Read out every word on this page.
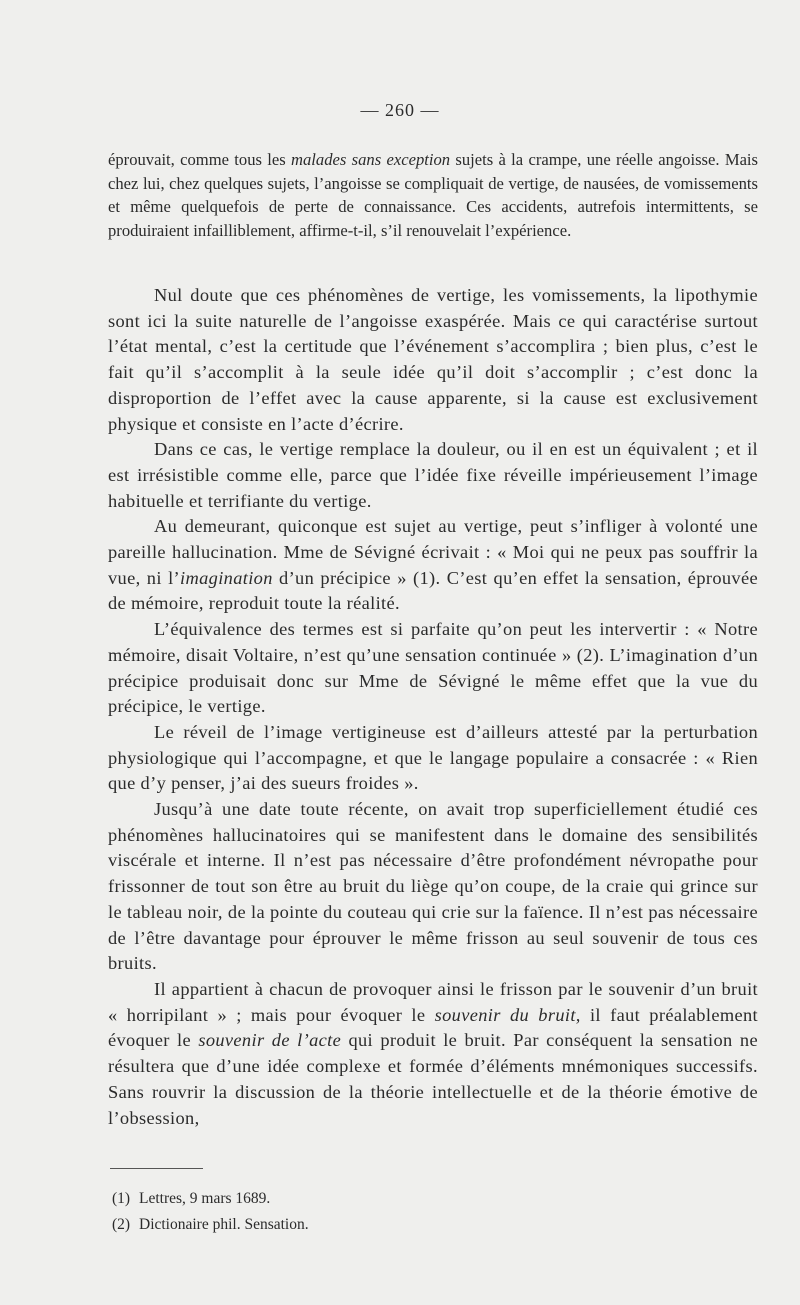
— 260 —
éprouvait, comme tous les malades sans exception sujets à la crampe, une réelle angoisse. Mais chez lui, chez quelques sujets, l’angoisse se compliquait de vertige, de nausées, de vomissements et même quelquefois de perte de connaissance. Ces accidents, autrefois intermittents, se produiraient infailliblement, affirme-t-il, s’il renouvelait l’expérience.

Nul doute que ces phénomènes de vertige, les vomissements, la lipothymie sont ici la suite naturelle de l’angoisse exaspérée. Mais ce qui caractérise surtout l’état mental, c’est la certitude que l’événement s’accomplira ; bien plus, c’est le fait qu’il s’accomplit à la seule idée qu’il doit s’accomplir ; c’est donc la disproportion de l’effet avec la cause apparente, si la cause est exclusivement physique et consiste en l’acte d’écrire.

Dans ce cas, le vertige remplace la douleur, ou il en est un équivalent ; et il est irrésistible comme elle, parce que l’idée fixe réveille impérieusement l’image habituelle et terrifiante du vertige.

Au demeurant, quiconque est sujet au vertige, peut s’infliger à volonté une pareille hallucination. Mme de Sévigné écrivait : « Moi qui ne peux pas souffrir la vue, ni l’imagination d’un précipice » (1). C’est qu’en effet la sensation, éprouvée de mémoire, reproduit toute la réalité.

L’équivalence des termes est si parfaite qu’on peut les intervertir : « Notre mémoire, disait Voltaire, n’est qu’une sensation continuée » (2). L’imagination d’un précipice produisait donc sur Mme de Sévigné le même effet que la vue du précipice, le vertige.

Le réveil de l’image vertigineuse est d’ailleurs attesté par la perturbation physiologique qui l’accompagne, et que le langage populaire a consacrée : « Rien que d’y penser, j’ai des sueurs froides ».

Jusqu’à une date toute récente, on avait trop superficiellement étudié ces phénomènes hallucinatoires qui se manifestent dans le domaine des sensibilités viscérale et interne. Il n’est pas nécessaire d’être profondément névropathe pour frissonner de tout son être au bruit du liège qu’on coupe, de la craie qui grince sur le tableau noir, de la pointe du couteau qui crie sur la faïence. Il n’est pas nécessaire de l’être davantage pour éprouver le même frisson au seul souvenir de tous ces bruits.

Il appartient à chacun de provoquer ainsi le frisson par le souvenir d’un bruit « horripilant » ; mais pour évoquer le souvenir du bruit, il faut préalablement évoquer le souvenir de l’acte qui produit le bruit. Par conséquent la sensation ne résultera que d’une idée complexe et formée d’éléments mnémoniques successifs. Sans rouvrir la discussion de la théorie intellectuelle et de la théorie émotive de l’obsession,

(1) Lettres, 9 mars 1689.
(2) Dictionaire phil. Sensation.
